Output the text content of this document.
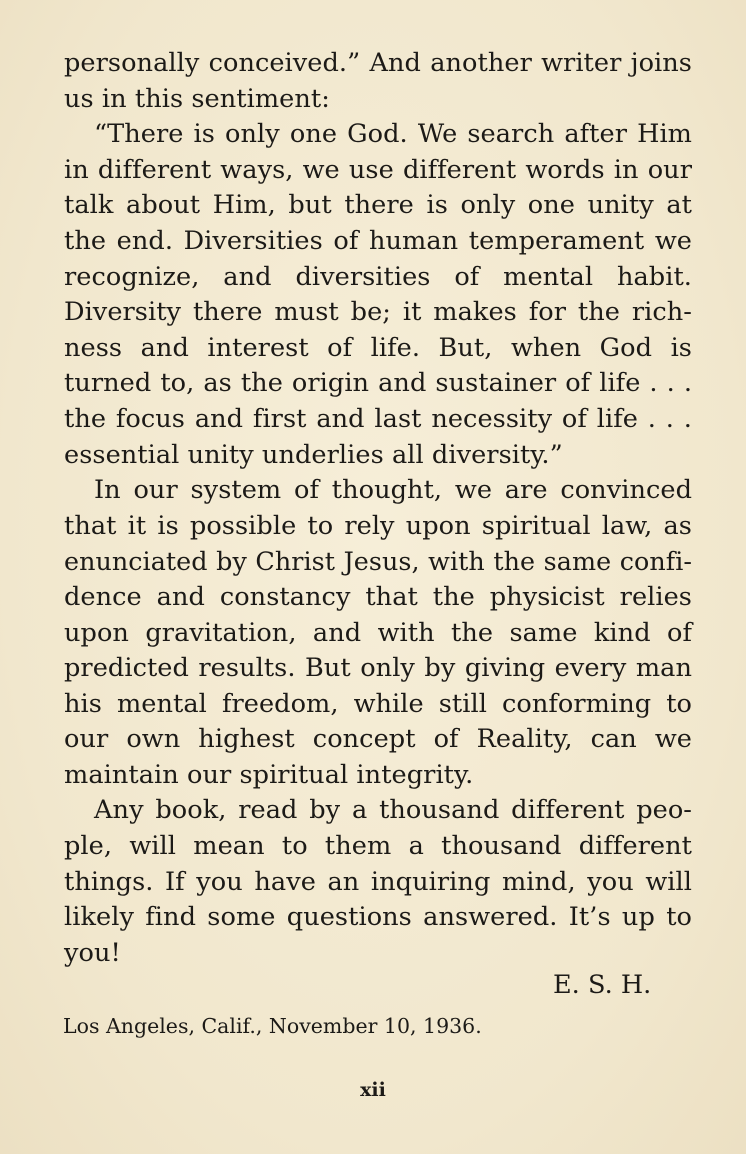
personally conceived.” And another writer joins
us in this sentiment:
“There is only one God. We search after Him
in different ways, we use different words in our
talk about Him, but there is only one unity at
the end. Diversities of human temperament we
recognize, and diversities of mental habit.
Diversity there must be; it makes for the rich-
ness and interest of life. But, when God is
turned to, as the origin and sustainer of life . . .
the focus and first and last necessity of life . . .
essential unity underlies all diversity.”
In our system of thought, we are convinced
that it is possible to rely upon spiritual law, as
enunciated by Christ Jesus, with the same confi-
dence and constancy that the physicist relies
upon gravitation, and with the same kind of
predicted results. But only by giving every man
his mental freedom, while still conforming to
our own highest concept of Reality, can we
maintain our spiritual integrity.
Any book, read by a thousand different peo-
ple, will mean to them a thousand different
things. If you have an inquiring mind, you will
likely find some questions answered. It’s up to
you!
E. S. H.
Los Angeles, Calif., November 10, 1936.
xii
